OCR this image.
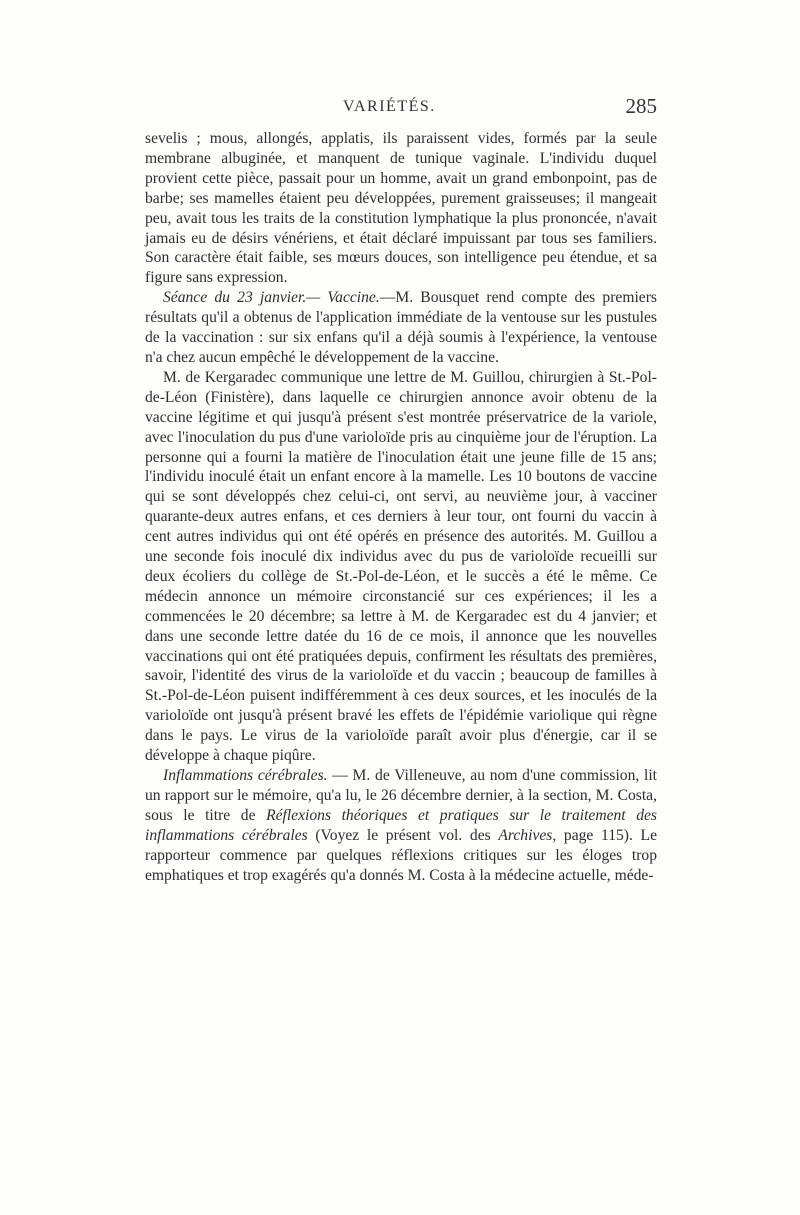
VARIÉTÉS.	285

sevelis ; mous, allongés, applatis, ils paraissent vides, formés par la seule membrane albuginée, et manquent de tunique vaginale. L'individu duquel provient cette pièce, passait pour un homme, avait un grand embonpoint, pas de barbe; ses mamelles étaient peu développées, purement graisseuses; il mangeait peu, avait tous les traits de la constitution lymphatique la plus prononcée, n'avait jamais eu de désirs vénériens, et était déclaré impuissant par tous ses familiers. Son caractère était faible, ses mœurs douces, son intelligence peu étendue, et sa figure sans expression.

Séance du 23 janvier.— Vaccine.—M. Bousquet rend compte des premiers résultats qu'il a obtenus de l'application immédiate de la ventouse sur les pustules de la vaccination : sur six enfans qu'il a déjà soumis à l'expérience, la ventouse n'a chez aucun empêché le développement de la vaccine.

M. de Kergaradec communique une lettre de M. Guillou, chirurgien à St.-Pol-de-Léon (Finistère), dans laquelle ce chirurgien annonce avoir obtenu de la vaccine légitime et qui jusqu'à présent s'est montrée préservatrice de la variole, avec l'inoculation du pus d'une varioloïde pris au cinquième jour de l'éruption. La personne qui a fourni la matière de l'inoculation était une jeune fille de 15 ans; l'individu inoculé était un enfant encore à la mamelle. Les 10 boutons de vaccine qui se sont développés chez celui-ci, ont servi, au neuvième jour, à vacciner quarante-deux autres enfans, et ces derniers à leur tour, ont fourni du vaccin à cent autres individus qui ont été opérés en présence des autorités. M. Guillou a une seconde fois inoculé dix individus avec du pus de varioloïde recueilli sur deux écoliers du collège de St.-Pol-de-Léon, et le succès a été le même. Ce médecin annonce un mémoire circonstancié sur ces expériences; il les a commencées le 20 décembre; sa lettre à M. de Kergaradec est du 4 janvier; et dans une seconde lettre datée du 16 de ce mois, il annonce que les nouvelles vaccinations qui ont été pratiquées depuis, confirment les résultats des premières, savoir, l'identité des virus de la varioloïde et du vaccin ; beaucoup de familles à St.-Pol-de-Léon puisent indifféremment à ces deux sources, et les inoculés de la varioloïde ont jusqu'à présent bravé les effets de l'épidémie variolique qui règne dans le pays. Le virus de la varioloïde paraît avoir plus d'énergie, car il se développe à chaque piqûre.

Inflammations cérébrales. — M. de Villeneuve, au nom d'une commission, lit un rapport sur le mémoire, qu'a lu, le 26 décembre dernier, à la section, M. Costa, sous le titre de Réflexions théoriques et pratiques sur le traitement des inflammations cérébrales (Voyez le présent vol. des Archives, page 115). Le rapporteur commence par quelques réflexions critiques sur les éloges trop emphatiques et trop exagérés qu'a donnés M. Costa à la médecine actuelle, méde-
